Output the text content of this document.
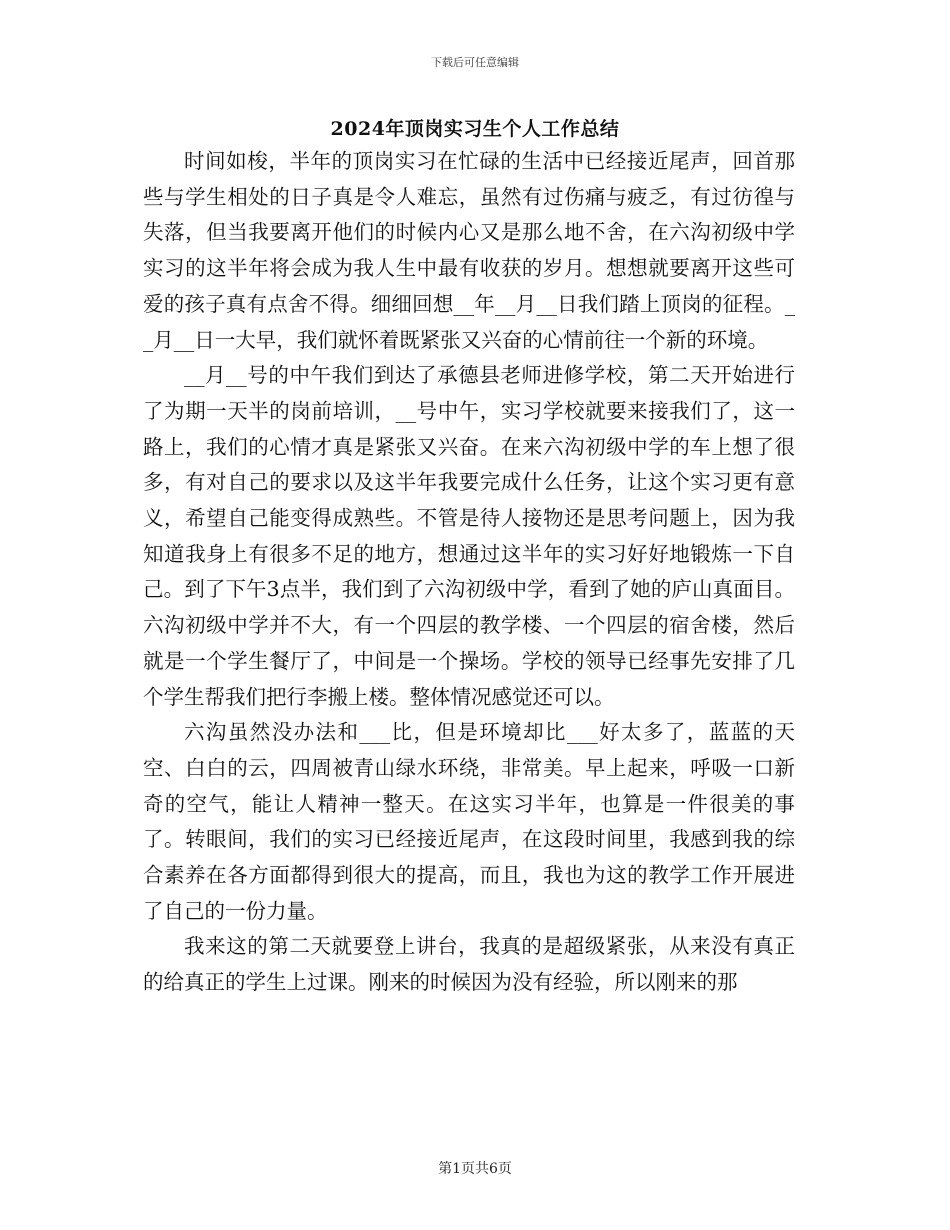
下载后可任意编辑
2024年顶岗实习生个人工作总结

时间如梭，半年的顶岗实习在忙碌的生活中已经接近尾声，回首那些与学生相处的日子真是令人难忘，虽然有过伤痛与疲乏，有过彷徨与失落，但当我要离开他们的时候内心又是那么地不舍，在六沟初级中学实习的这半年将会成为我人生中最有收获的岁月。想想就要离开这些可爱的孩子真有点舍不得。细细回想__年__月__日我们踏上顶岗的征程。__月__日一大早，我们就怀着既紧张又兴奋的心情前往一个新的环境。

__月__号的中午我们到达了承德县老师进修学校，第二天开始进行了为期一天半的岗前培训，__号中午，实习学校就要来接我们了，这一路上，我们的心情才真是紧张又兴奋。在来六沟初级中学的车上想了很多，有对自己的要求以及这半年我要完成什么任务，让这个实习更有意义，希望自己能变得成熟些。不管是待人接物还是思考问题上，因为我知道我身上有很多不足的地方，想通过这半年的实习好好地锻炼一下自己。到了下午3点半，我们到了六沟初级中学，看到了她的庐山真面目。六沟初级中学并不大，有一个四层的教学楼、一个四层的宿舍楼，然后就是一个学生餐厅了，中间是一个操场。学校的领导已经事先安排了几个学生帮我们把行李搬上楼。整体情况感觉还可以。

六沟虽然没办法和___比，但是环境却比___好太多了，蓝蓝的天空、白白的云，四周被青山绿水环绕，非常美。早上起来，呼吸一口新奇的空气，能让人精神一整天。在这实习半年，也算是一件很美的事了。转眼间，我们的实习已经接近尾声，在这段时间里，我感到我的综合素养在各方面都得到很大的提高，而且，我也为这的教学工作开展进了自己的一份力量。

我来这的第二天就要登上讲台，我真的是超级紧张，从来没有真正的给真正的学生上过课。刚来的时候因为没有经验，所以刚来的那

第1页共6页
